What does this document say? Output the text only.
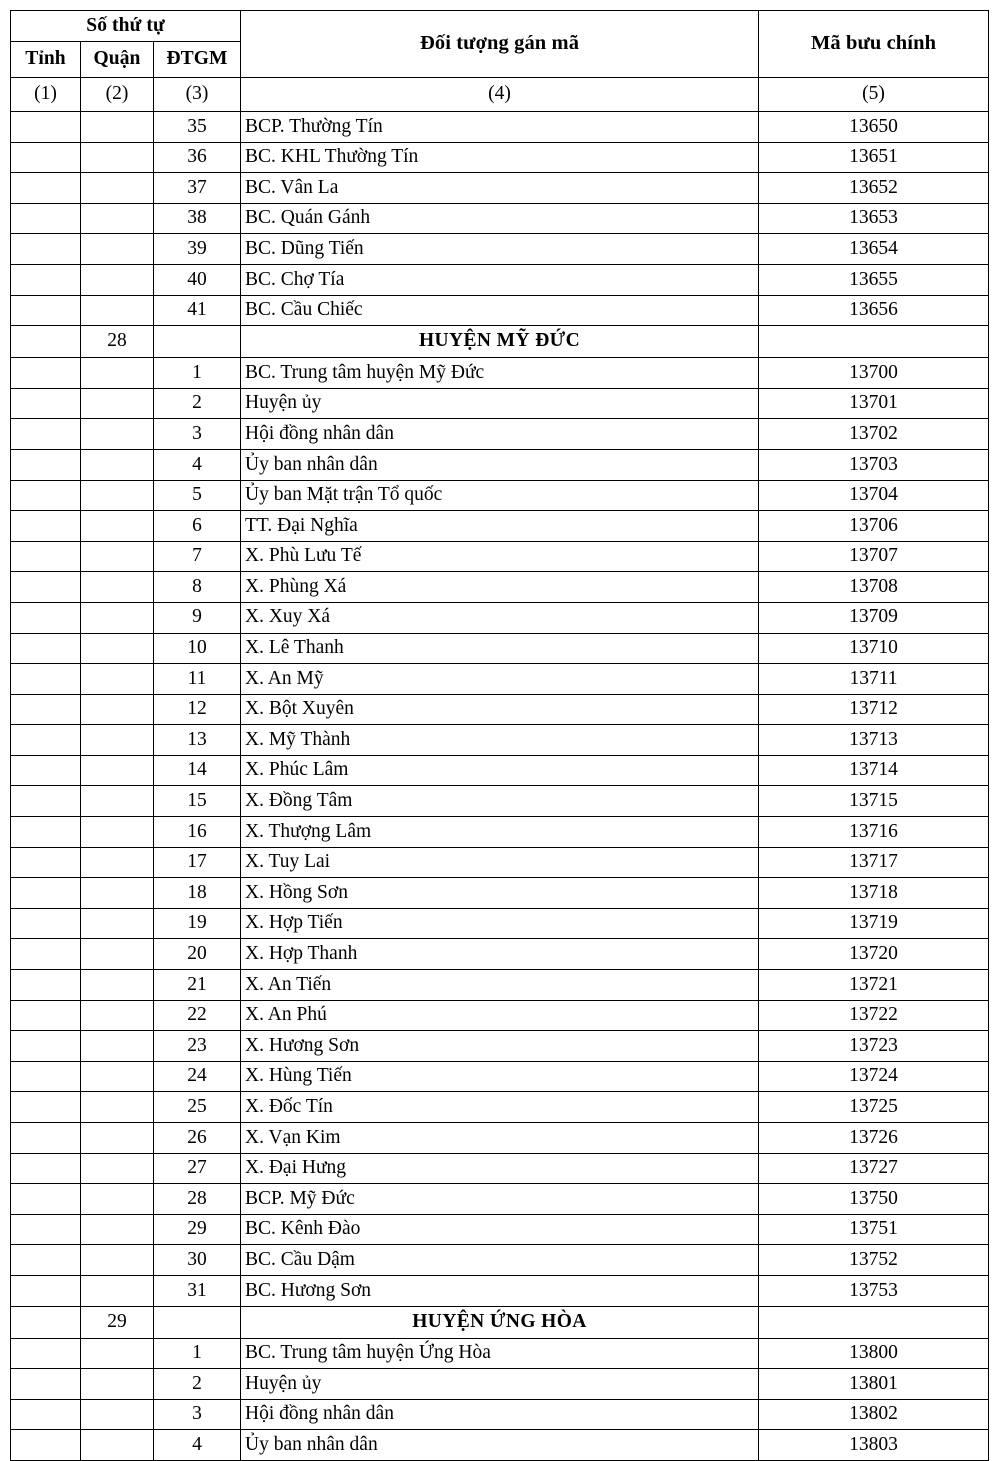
Số thứ tự			Đối tượng gán mã	Mã bưu chính
Tỉnh	Quận	ĐTGM		
(1)	(2)	(3)	(4)	(5)
		35	BCP. Thường Tín	13650
		36	BC. KHL Thường Tín	13651
		37	BC. Vân La	13652
		38	BC. Quán Gánh	13653
		39	BC. Dũng Tiến	13654
		40	BC. Chợ Tía	13655
		41	BC. Cầu Chiếc	13656
	28		HUYỆN MỸ ĐỨC	
		1	BC. Trung tâm huyện Mỹ Đức	13700
		2	Huyện ủy	13701
		3	Hội đồng nhân dân	13702
		4	Ủy ban nhân dân	13703
		5	Ủy ban Mặt trận Tổ quốc	13704
		6	TT. Đại Nghĩa	13706
		7	X. Phù Lưu Tế	13707
		8	X. Phùng Xá	13708
		9	X. Xuy Xá	13709
		10	X. Lê Thanh	13710
		11	X. An Mỹ	13711
		12	X. Bột Xuyên	13712
		13	X. Mỹ Thành	13713
		14	X. Phúc Lâm	13714
		15	X. Đồng Tâm	13715
		16	X. Thượng Lâm	13716
		17	X. Tuy Lai	13717
		18	X. Hồng Sơn	13718
		19	X. Hợp Tiến	13719
		20	X. Hợp Thanh	13720
		21	X. An Tiến	13721
		22	X. An Phú	13722
		23	X. Hương Sơn	13723
		24	X. Hùng Tiến	13724
		25	X. Đốc Tín	13725
		26	X. Vạn Kim	13726
		27	X. Đại Hưng	13727
		28	BCP. Mỹ Đức	13750
		29	BC. Kênh Đào	13751
		30	BC. Cầu Dậm	13752
		31	BC. Hương Sơn	13753
	29		HUYỆN ỨNG HÒA	
		1	BC. Trung tâm huyện Ứng Hòa	13800
		2	Huyện ủy	13801
		3	Hội đồng nhân dân	13802
		4	Ủy ban nhân dân	13803
